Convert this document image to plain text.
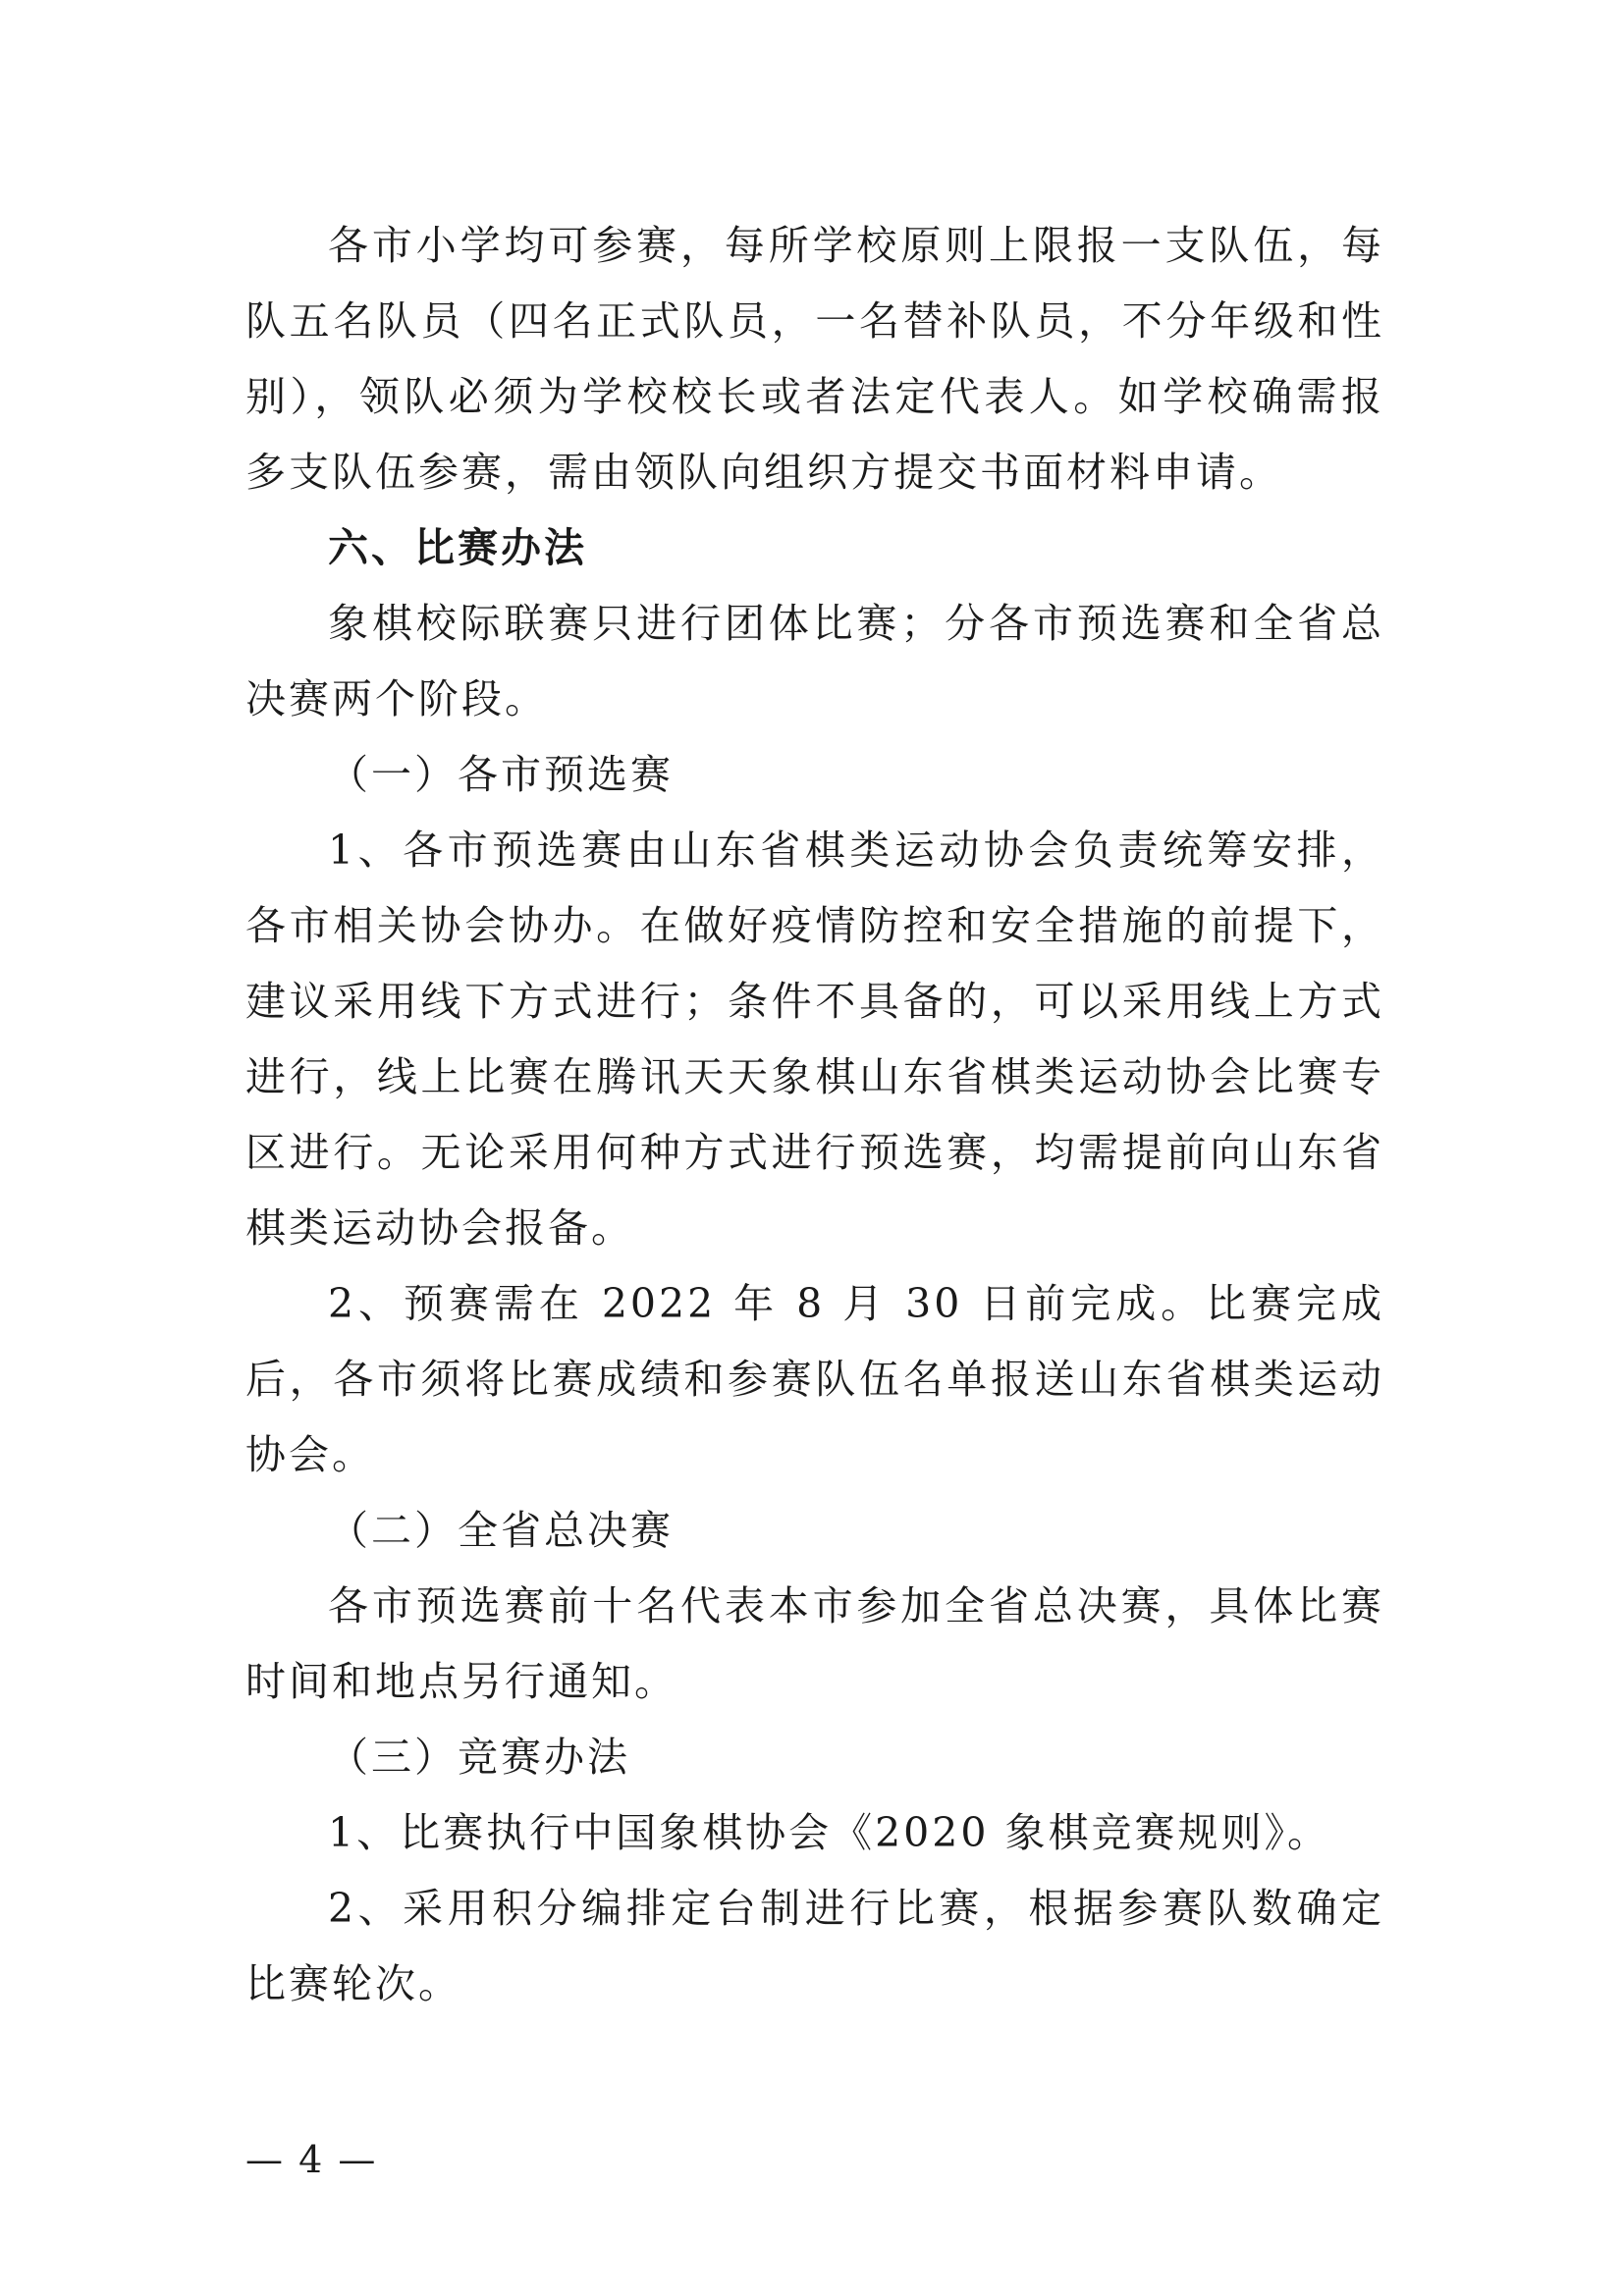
各市小学均可参赛，每所学校原则上限报一支队伍，每队五名队员（四名正式队员，一名替补队员，不分年级和性别），领队必须为学校校长或者法定代表人。如学校确需报多支队伍参赛，需由领队向组织方提交书面材料申请。

六、比赛办法

象棋校际联赛只进行团体比赛；分各市预选赛和全省总决赛两个阶段。

（一）各市预选赛

1、各市预选赛由山东省棋类运动协会负责统筹安排，各市相关协会协办。在做好疫情防控和安全措施的前提下，建议采用线下方式进行；条件不具备的，可以采用线上方式进行，线上比赛在腾讯天天象棋山东省棋类运动协会比赛专区进行。无论采用何种方式进行预选赛，均需提前向山东省棋类运动协会报备。

2、预赛需在 2022 年 8 月 30 日前完成。比赛完成后，各市须将比赛成绩和参赛队伍名单报送山东省棋类运动协会。

（二）全省总决赛

各市预选赛前十名代表本市参加全省总决赛，具体比赛时间和地点另行通知。

（三）竞赛办法

1、比赛执行中国象棋协会《2020 象棋竞赛规则》。

2、采用积分编排定台制进行比赛，根据参赛队数确定比赛轮次。

— 4 —
